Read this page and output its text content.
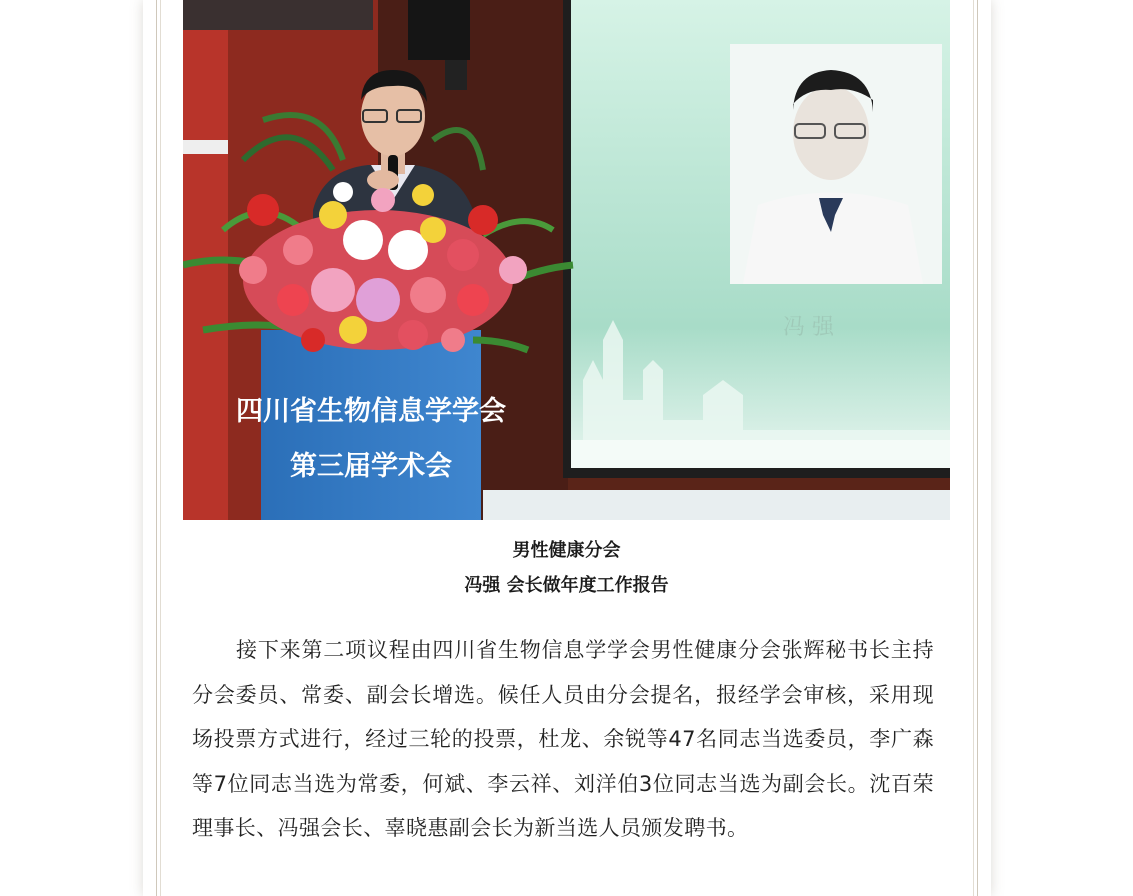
冯 强
四川省生物信息学学会
第三届学术会
男性健康分会
冯强 会长做年度工作报告

接下来第二项议程由四川省生物信息学学会男性健康分会张辉秘书长主持分会委员、常委、副会长增选。候任人员由分会提名，报经学会审核，采用现场投票方式进行，经过三轮的投票，杜龙、余锐等47名同志当选委员，李广森等7位同志当选为常委，何斌、李云祥、刘洋伯3位同志当选为副会长。沈百荣理事长、冯强会长、辜晓惠副会长为新当选人员颁发聘书。
